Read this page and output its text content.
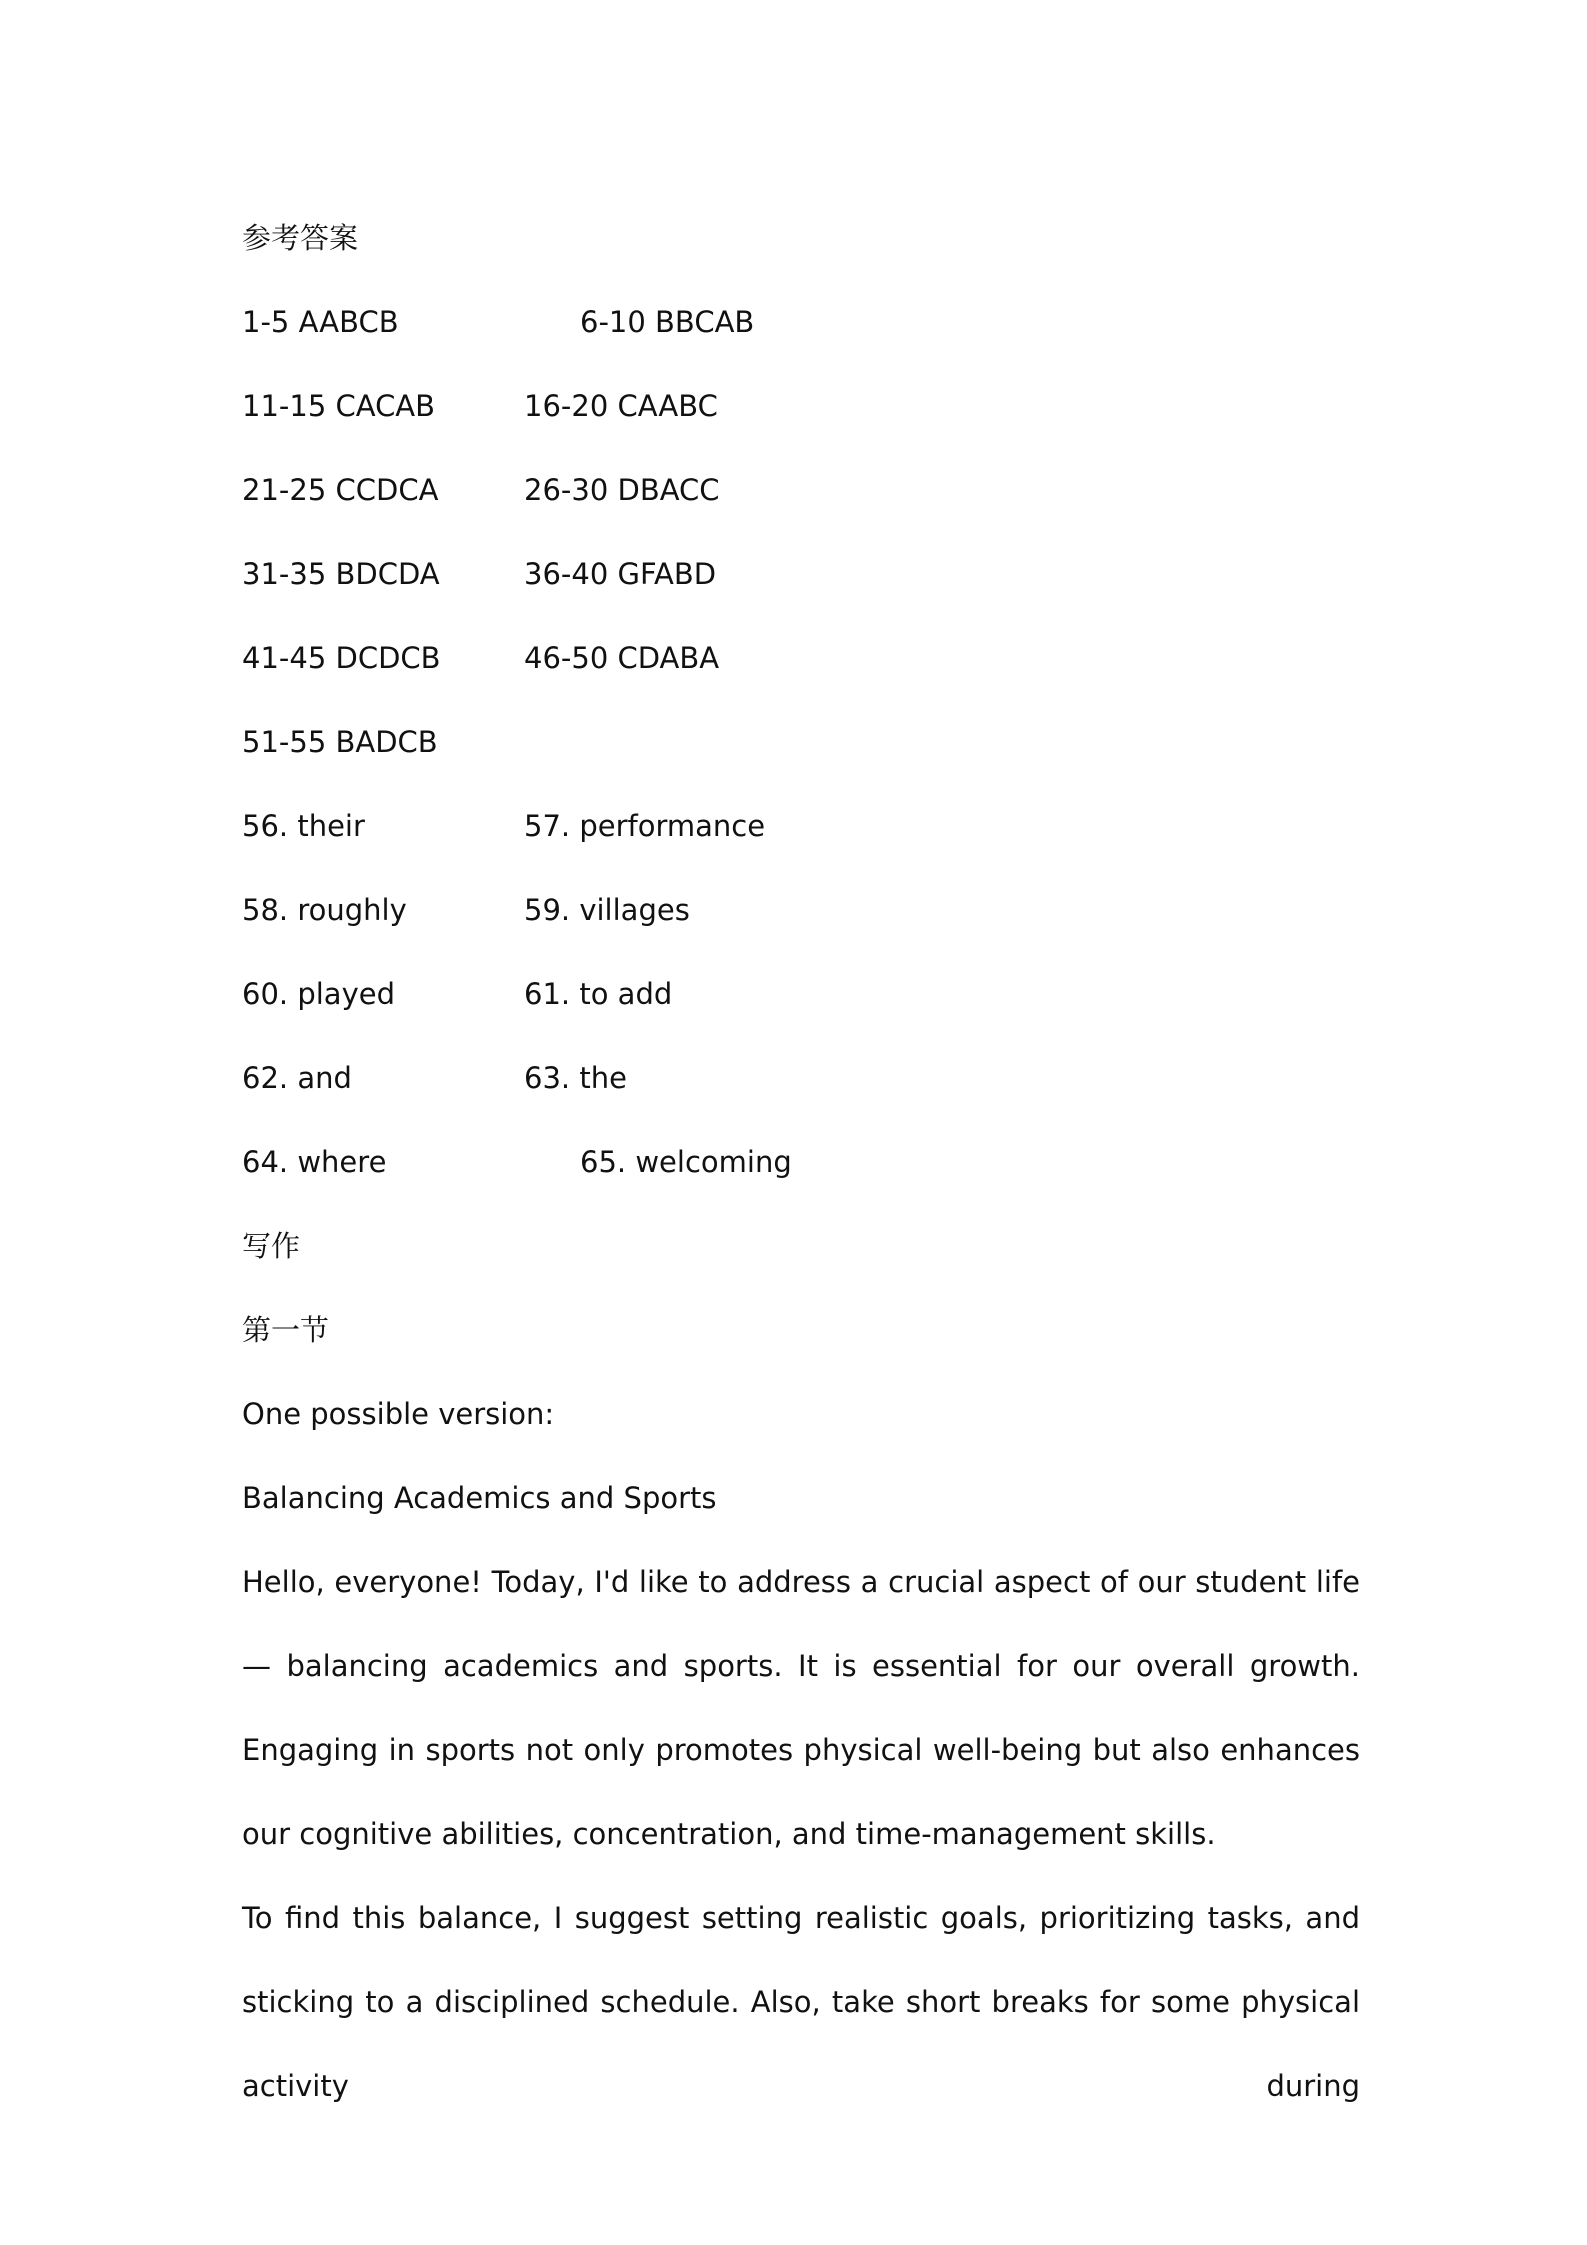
参考答案
1-5 AABCB	6-10 BBCAB
11-15 CACAB	16-20 CAABC
21-25 CCDCA	26-30 DBACC
31-35 BDCDA	36-40 GFABD
41-45 DCDCB	46-50 CDABA
51-55 BADCB
56. their	57. performance
58. roughly	59. villages
60. played	61. to add
62. and	63. the
64. where	65. welcoming
写作
第一节
One possible version:
Balancing Academics and Sports

Hello, everyone! Today, I'd like to address a crucial aspect of our student life — balancing academics and sports. It is essential for our overall growth. Engaging in sports not only promotes physical well-being but also enhances our cognitive abilities, concentration, and time-management skills.

To find this balance, I suggest setting realistic goals, prioritizing tasks, and sticking to a disciplined schedule. Also, take short breaks for some physical activity during
